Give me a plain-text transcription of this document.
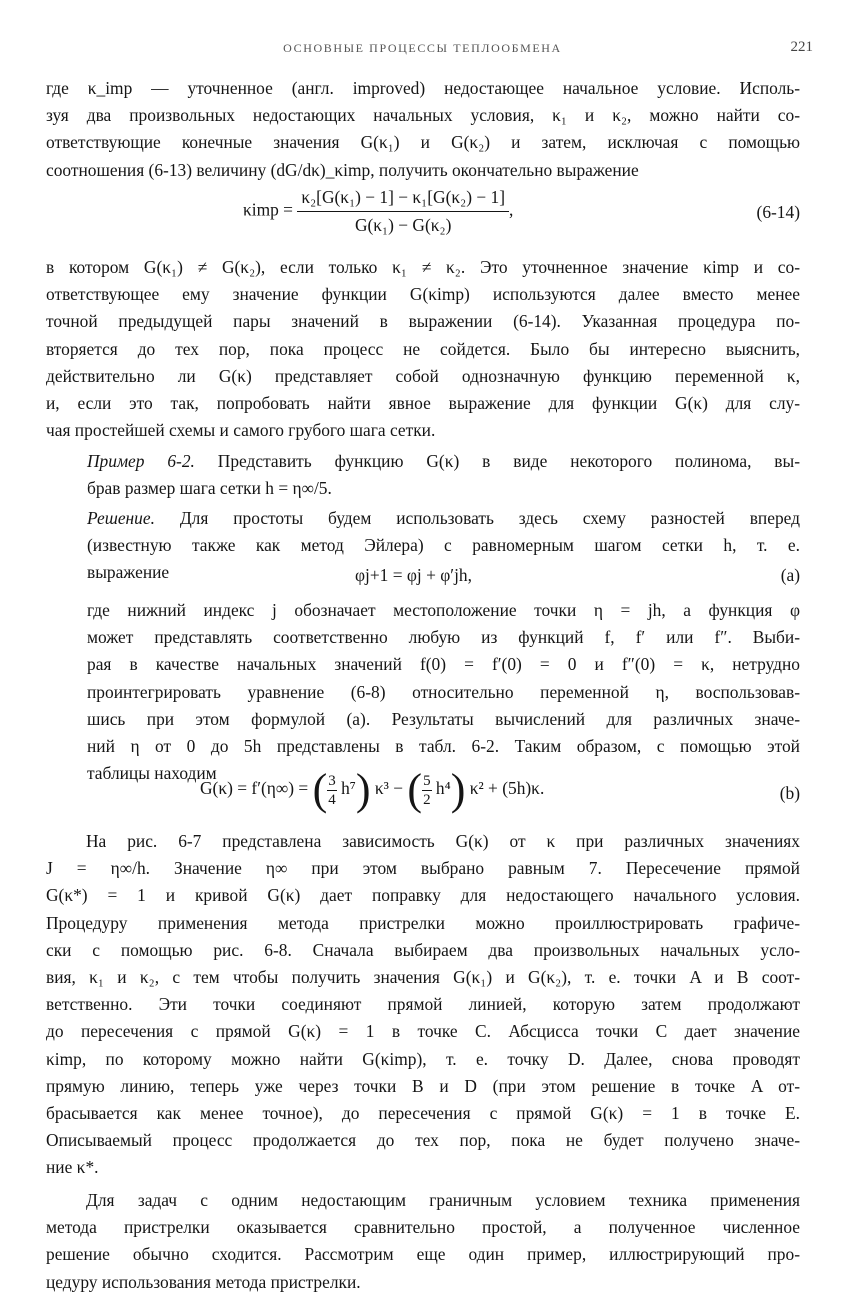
ОСНОВНЫЕ ПРОЦЕССЫ ТЕПЛООБМЕНА	221
где κ_imp — уточненное (англ. improved) недостающее начальное условие. Исполь-
зуя два произвольных недостающих начальных условия, κ₁ и κ₂, можно найти со-
ответствующие конечные значения G(κ₁) и G(κ₂) и затем, исключая с помощью
соотношения (6-13) величину (dG/dκ)_κimp, получить окончательно выражение
$\kappa imp = \frac{\text{κ₂[G(κ₁) − 1] − κ₁[G(κ₂) − 1]}}{\text{G(κ₁) − G(κ₂)}}$ ,	(6-14)
в котором G(κ₁) ≠ G(κ₂), если только κ₁ ≠ κ₂. Это уточненное значение κimp и со-
ответствующее ему значение функции G(κimp) используются далее вместо менее
точной предыдущей пары значений в выражении (6-14). Указанная процедура по-
вторяется до тех пор, пока процесс не сойдется. Было бы интересно выяснить,
действительно ли G(κ) представляет собой однозначную функцию переменной κ,
и, если это так, попробовать найти явное выражение для функции G(κ) для слу-
чая простейшей схемы и самого грубого шага сетки.
Пример 6-2. Представить функцию G(κ) в виде некоторого полинома, вы-
брав размер шага сетки h = η∞/5.
Решение. Для простоты будем использовать здесь схему разностей вперед
(известную также как метод Эйлера) с равномерным шагом сетки h, т. е.
выражение	φj+1 = φj + φ′jh,	(a)
где нижний индекс j обозначает местоположение точки η = jh, а функция φ
может представлять соответственно любую из функций f, f′ или f″. Выби-
рая в качестве начальных значений f(0) = f′(0) = 0 и f″(0) = κ, нетрудно
проинтегрировать уравнение (6-8) относительно переменной η, воспользовав-
шись при этом формулой (a). Результаты вычислений для различных значе-
ний η от 0 до 5h представлены в табл. 6-2. Таким образом, с помощью этой
таблицы находим
G(κ) = f′(η∞) = ( $\frac{3}{4} h^7$) κ³ − ( $\frac{5}{2} h^4$) κ² + (5h)κ.	(b)
На рис. 6-7 представлена зависимость G(κ) от κ при различных значениях
J = η∞/h. Значение η∞ при этом выбрано равным 7. Пересечение прямой
G(κ*) = 1 и кривой G(κ) дает поправку для недостающего начального условия.
Процедуру применения метода пристрелки можно проиллюстрировать графиче-
ски с помощью рис. 6-8. Сначала выбираем два произвольных начальных усло-
вия, κ₁ и κ₂, с тем чтобы получить значения G(κ₁) и G(κ₂), т. е. точки A и B соот-
ветственно. Эти точки соединяют прямой линией, которую затем продолжают
до пересечения с прямой G(κ) = 1 в точке C. Абсцисса точки C дает значение
κimp, по которому можно найти G(κimp), т. е. точку D. Далее, снова проводят
прямую линию, теперь уже через точки B и D (при этом решение в точке A от-
брасывается как менее точное), до пересечения с прямой G(κ) = 1 в точке E.
Описываемый процесс продолжается до тех пор, пока не будет получено значе-
ние κ*.
Для задач с одним недостающим граничным условием техника применения
метода пристрелки оказывается сравнительно простой, а полученное численное
решение обычно сходится. Рассмотрим еще один пример, иллюстрирующий про-
цедуру использования метода пристрелки.
